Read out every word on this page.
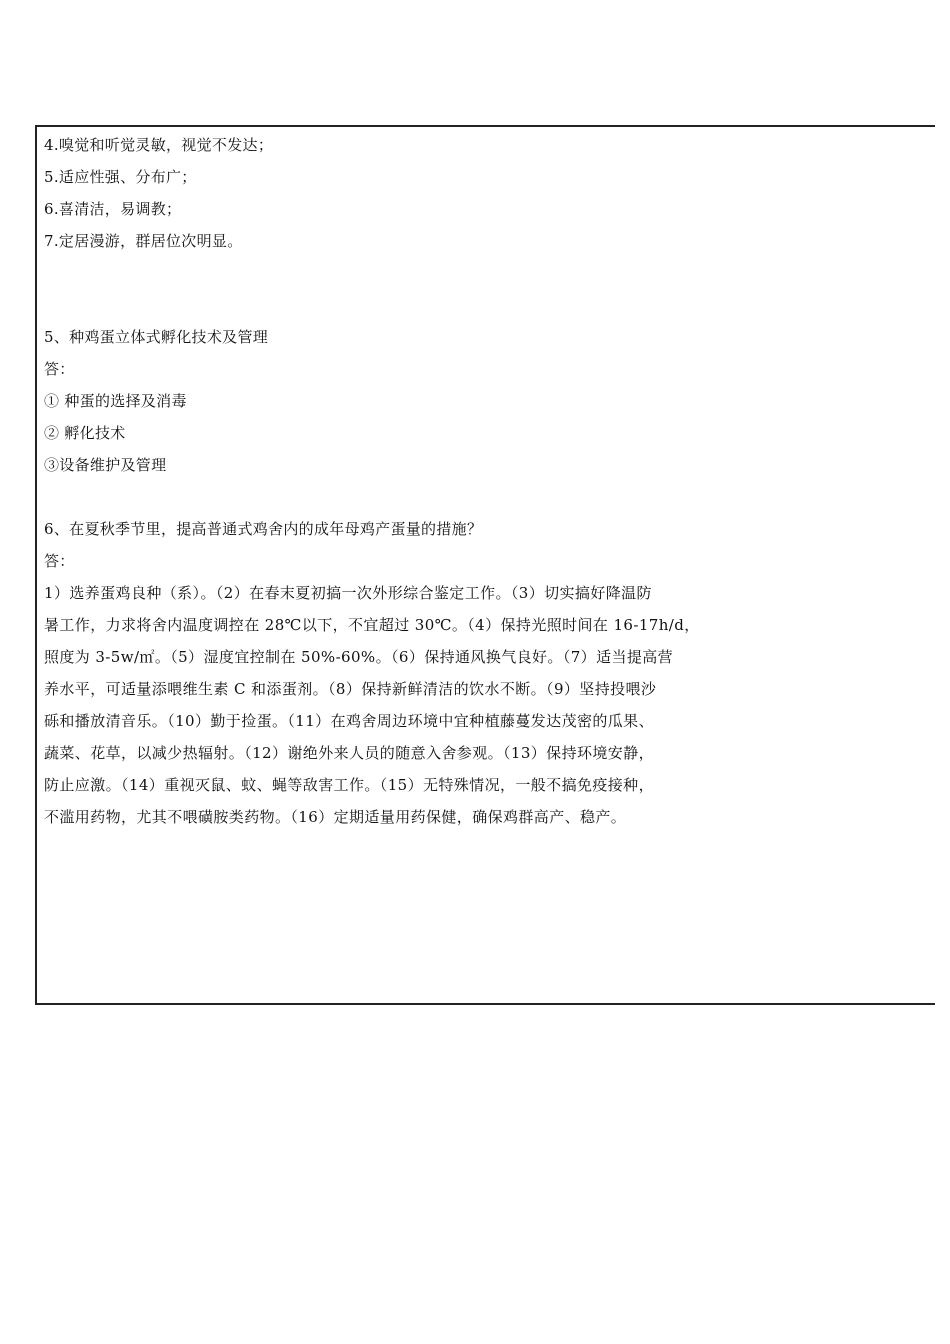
4.嗅觉和听觉灵敏，视觉不发达；
5.适应性强、分布广；
6.喜清洁，易调教；
7.定居漫游，群居位次明显。
5、种鸡蛋立体式孵化技术及管理
答：
① 种蛋的选择及消毒
② 孵化技术
③设备维护及管理
6、在夏秋季节里，提高普通式鸡舍内的成年母鸡产蛋量的措施？
答：
1）选养蛋鸡良种（系）。（2）在春末夏初搞一次外形综合鉴定工作。（3）切实搞好降温防
暑工作，力求将舍内温度调控在 28℃以下，不宜超过 30℃。（4）保持光照时间在 16-17h/d，
照度为 3-5w/㎡。（5）湿度宜控制在 50%-60%。（6）保持通风换气良好。（7）适当提高营
养水平，可适量添喂维生素 C 和添蛋剂。（8）保持新鲜清洁的饮水不断。（9）坚持投喂沙
砾和播放清音乐。（10）勤于捡蛋。（11）在鸡舍周边环境中宜种植藤蔓发达茂密的瓜果、
蔬菜、花草，以减少热辐射。（12）谢绝外来人员的随意入舍参观。（13）保持环境安静，
防止应激。（14）重视灭鼠、蚊、蝇等敌害工作。（15）无特殊情况，一般不搞免疫接种，
不滥用药物，尤其不喂磺胺类药物。（16）定期适量用药保健，确保鸡群高产、稳产。
